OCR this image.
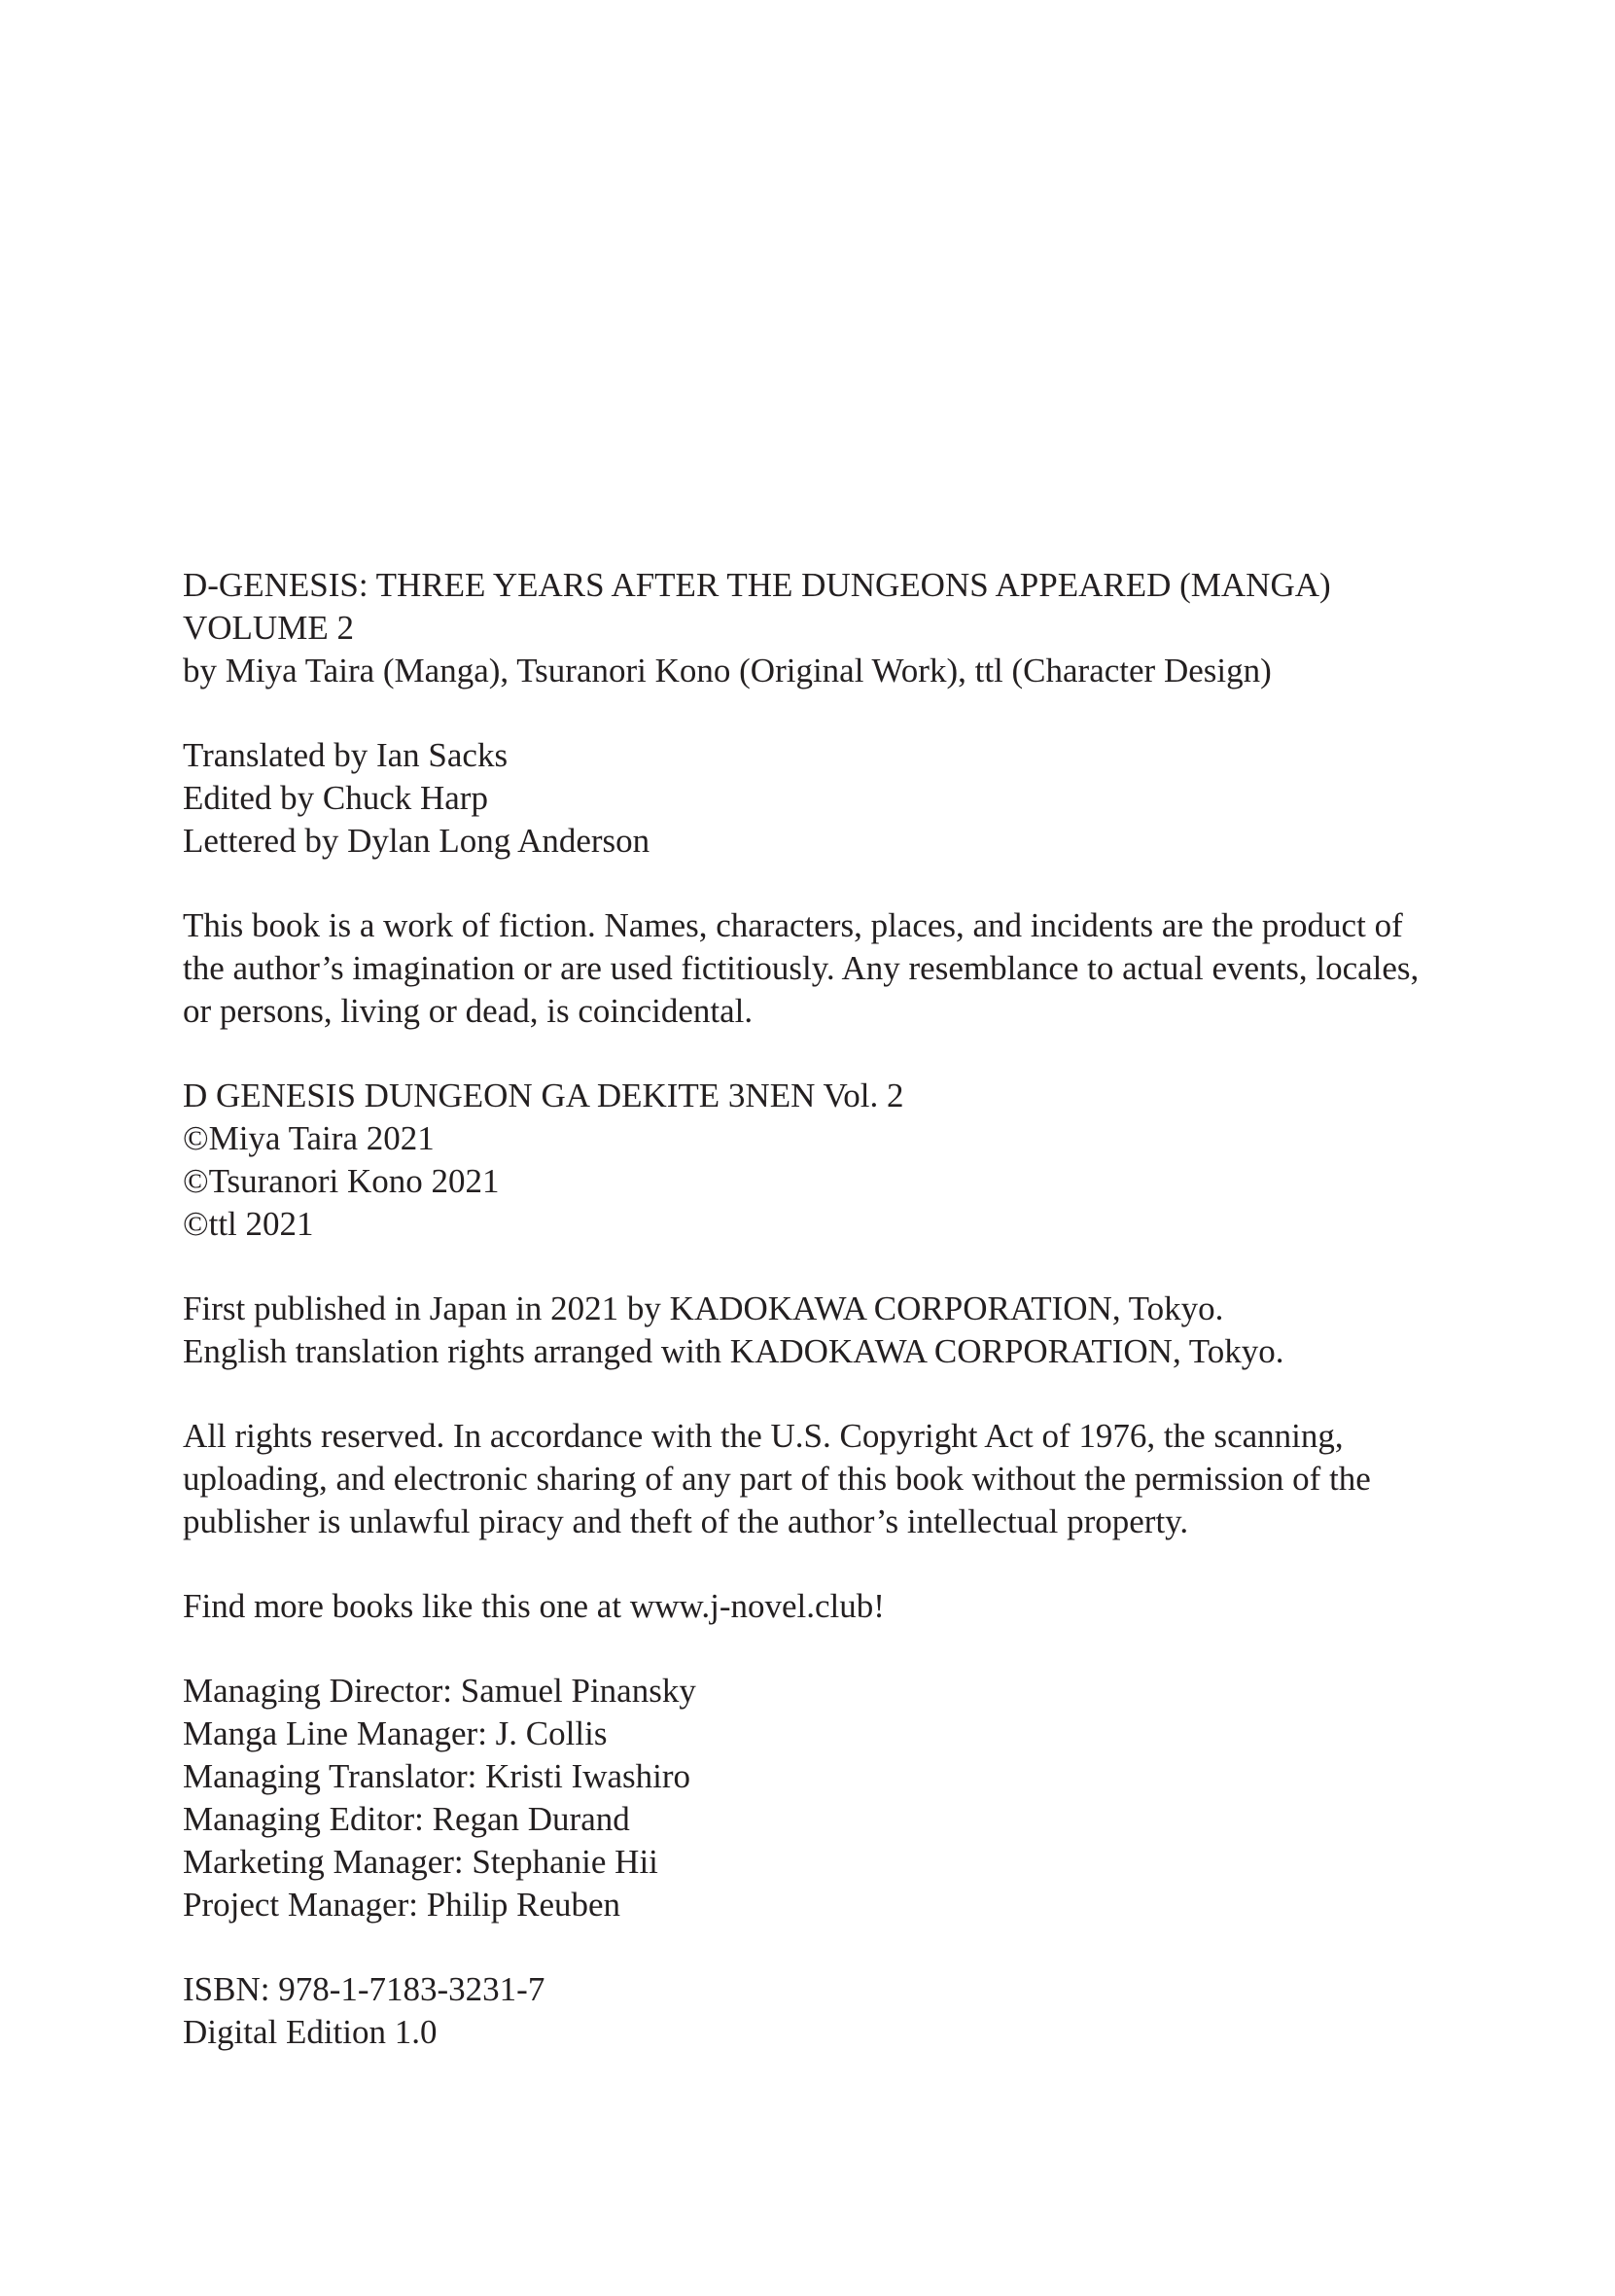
D-GENESIS: THREE YEARS AFTER THE DUNGEONS APPEARED (MANGA)
VOLUME 2
by Miya Taira (Manga), Tsuranori Kono (Original Work), ttl (Character Design)
Translated by Ian Sacks
Edited by Chuck Harp
Lettered by Dylan Long Anderson
This book is a work of fiction. Names, characters, places, and incidents are the product of
the author’s imagination or are used fictitiously. Any resemblance to actual events, locales,
or persons, living or dead, is coincidental.
D GENESIS DUNGEON GA DEKITE 3NEN Vol. 2
©Miya Taira 2021
©Tsuranori Kono 2021
©ttl 2021
First published in Japan in 2021 by KADOKAWA CORPORATION, Tokyo.
English translation rights arranged with KADOKAWA CORPORATION, Tokyo.
All rights reserved. In accordance with the U.S. Copyright Act of 1976, the scanning,
uploading, and electronic sharing of any part of this book without the permission of the
publisher is unlawful piracy and theft of the author’s intellectual property.
Find more books like this one at www.j-novel.club!
Managing Director: Samuel Pinansky
Manga Line Manager: J. Collis
Managing Translator: Kristi Iwashiro
Managing Editor: Regan Durand
Marketing Manager: Stephanie Hii
Project Manager: Philip Reuben
ISBN: 978-1-7183-3231-7
Digital Edition 1.0
